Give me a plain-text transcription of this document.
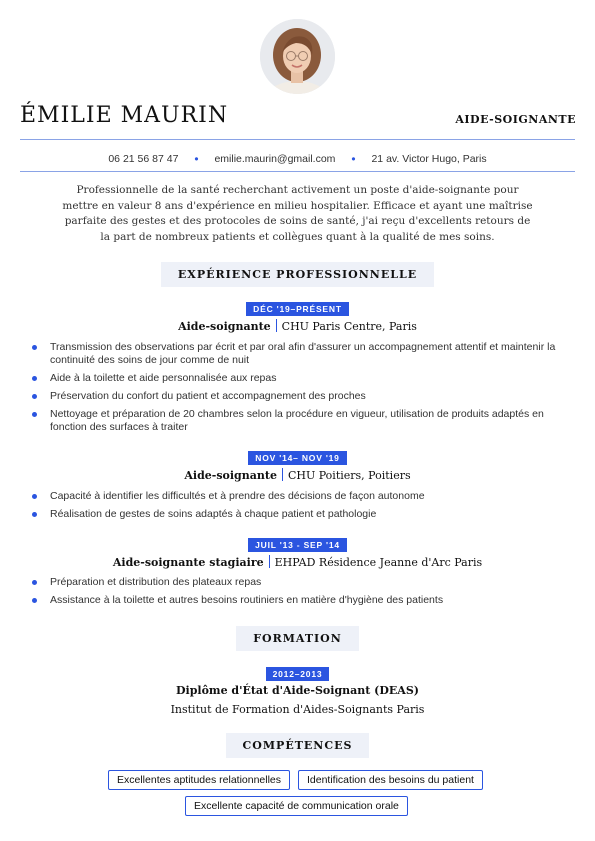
ÉMILIE MAURIN	AIDE-SOIGNANTE
06 21 56 87 47 • emilie.maurin@gmail.com • 21 av. Victor Hugo, Paris
Professionnelle de la santé recherchant activement un poste d'aide-soignante pour mettre en valeur 8 ans d'expérience en milieu hospitalier. Efficace et ayant une maîtrise parfaite des gestes et des protocoles de soins de santé, j'ai reçu d'excellents retours de la part de nombreux patients et collègues quant à la qualité de mes soins.
EXPÉRIENCE PROFESSIONNELLE
DÉC '19–PRÉSENT
Aide-soignante CHU Paris Centre, Paris
Transmission des observations par écrit et par oral afin d'assurer un accompagnement attentif et maintenir la continuité des soins de jour comme de nuit
Aide à la toilette et aide personnalisée aux repas
Préservation du confort du patient et accompagnement des proches
Nettoyage et préparation de 20 chambres selon la procédure en vigueur, utilisation de produits adaptés en fonction des surfaces à traiter
NOV '14– NOV '19
Aide-soignante CHU Poitiers, Poitiers
Capacité à identifier les difficultés et à prendre des décisions de façon autonome
Réalisation de gestes de soins adaptés à chaque patient et pathologie
JUIL '13 - SEP '14
Aide-soignante stagiaire EHPAD Résidence Jeanne d'Arc Paris
Préparation et distribution des plateaux repas
Assistance à la toilette et autres besoins routiniers en matière d'hygiène des patients
FORMATION
2012–2013
Diplôme d'État d'Aide-Soignant (DEAS)
Institut de Formation d'Aides-Soignants Paris
COMPÉTENCES
Excellentes aptitudes relationnelles	Identification des besoins du patient
Excellente capacité de communication orale
